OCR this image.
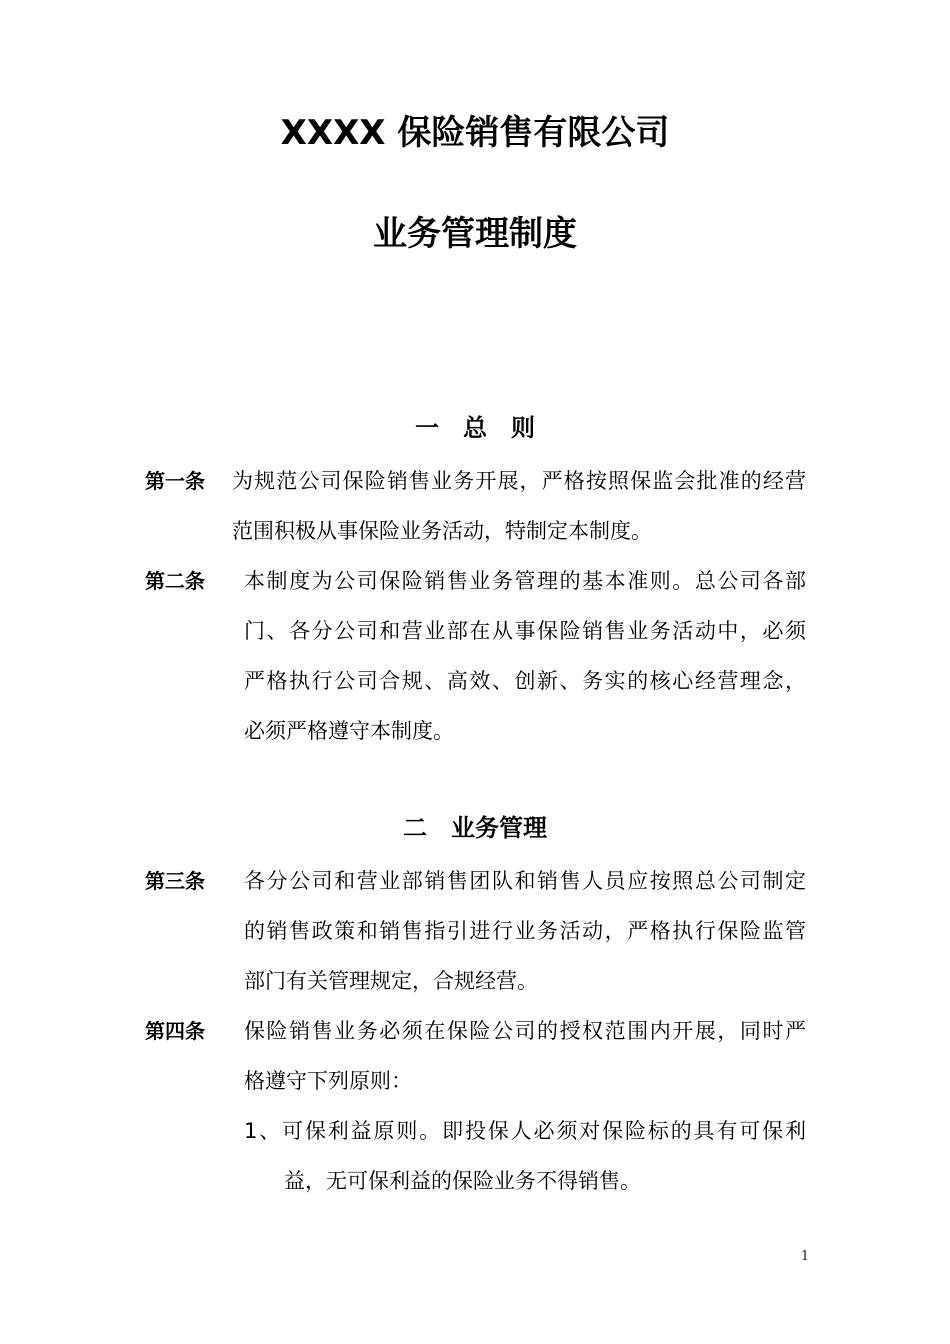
XXXX 保险销售有限公司
业务管理制度
一　总　则
第一条 为规范公司保险销售业务开展，严格按照保监会批准的经营
范围积极从事保险业务活动，特制定本制度。
第二条 本制度为公司保险销售业务管理的基本准则。总公司各部
门、各分公司和营业部在从事保险销售业务活动中，必须
严格执行公司合规、高效、创新、务实的核心经营理念，
必须严格遵守本制度。
二　业务管理
第三条 各分公司和营业部销售团队和销售人员应按照总公司制定
的销售政策和销售指引进行业务活动，严格执行保险监管
部门有关管理规定，合规经营。
第四条 保险销售业务必须在保险公司的授权范围内开展，同时严
格遵守下列原则：
1、可保利益原则。即投保人必须对保险标的具有可保利
益，无可保利益的保险业务不得销售。
1
